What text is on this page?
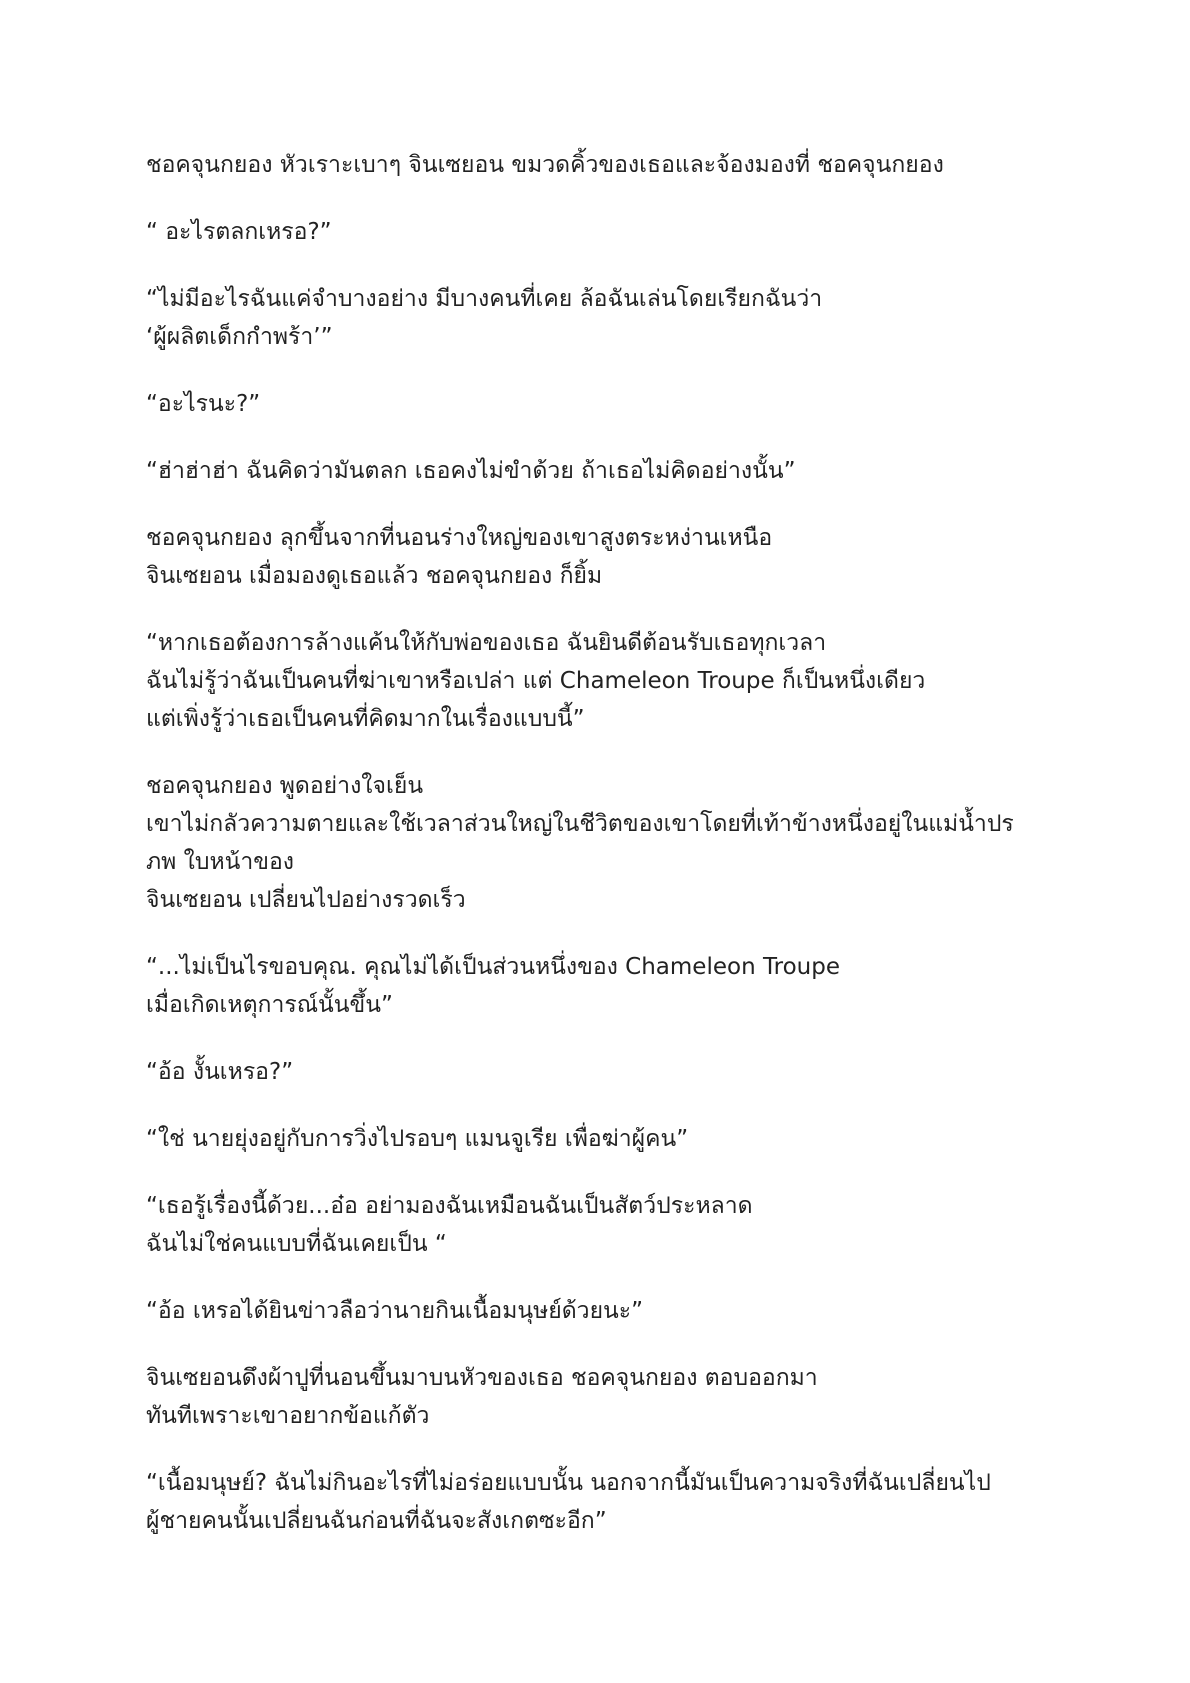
ชอคจุนกยอง หัวเราะเบาๆ จินเซยอน ขมวดคิ้วของเธอและจ้องมองที่ ชอคจุนกยอง

“ อะไรตลกเหรอ?”

“ไม่มีอะไรฉันแค่จำบางอย่าง มีบางคนที่เคย ล้อฉันเล่นโดยเรียกฉันว่า
‘ผู้ผลิตเด็กกำพร้า’”

“อะไรนะ?”

“ฮ่าฮ่าฮ่า ฉันคิดว่ามันตลก เธอคงไม่ขำด้วย ถ้าเธอไม่คิดอย่างนั้น”

ชอคจุนกยอง ลุกขึ้นจากที่นอนร่างใหญ่ของเขาสูงตระหง่านเหนือ
จินเซยอน เมื่อมองดูเธอแล้ว ชอคจุนกยอง ก็ยิ้ม

“หากเธอต้องการล้างแค้นให้กับพ่อของเธอ ฉันยินดีต้อนรับเธอทุกเวลา
ฉันไม่รู้ว่าฉันเป็นคนที่ฆ่าเขาหรือเปล่า แต่ Chameleon Troupe ก็เป็นหนึ่งเดียว
แต่เพิ่งรู้ว่าเธอเป็นคนที่คิดมากในเรื่องแบบนี้”

ชอคจุนกยอง พูดอย่างใจเย็น
เขาไม่กลัวความตายและใช้เวลาส่วนใหญ่ในชีวิตของเขาโดยที่เท้าข้างหนึ่งอยู่ในแม่น้ำปร
ภพ ใบหน้าของ
จินเซยอน เปลี่ยนไปอย่างรวดเร็ว

“...ไม่เป็นไรขอบคุณ. คุณไม่ได้เป็นส่วนหนึ่งของ Chameleon Troupe
เมื่อเกิดเหตุการณ์นั้นขึ้น”

“อ้อ งั้นเหรอ?”

“ใช่ นายยุ่งอยู่กับการวิ่งไปรอบๆ แมนจูเรีย เพื่อฆ่าผู้คน”

“เธอรู้เรื่องนี้ด้วย...อ๋อ อย่ามองฉันเหมือนฉันเป็นสัตว์ประหลาด
ฉันไม่ใช่คนแบบที่ฉันเคยเป็น “

“อ้อ เหรอได้ยินข่าวลือว่านายกินเนื้อมนุษย์ด้วยนะ”

จินเซยอนดึงผ้าปูที่นอนขึ้นมาบนหัวของเธอ ชอคจุนกยอง ตอบออกมา
ทันทีเพราะเขาอยากข้อแก้ตัว

“เนื้อมนุษย์? ฉันไม่กินอะไรที่ไม่อร่อยแบบนั้น นอกจากนี้มันเป็นความจริงที่ฉันเปลี่ยนไป
ผู้ชายคนนั้นเปลี่ยนฉันก่อนที่ฉันจะสังเกตซะอีก”
